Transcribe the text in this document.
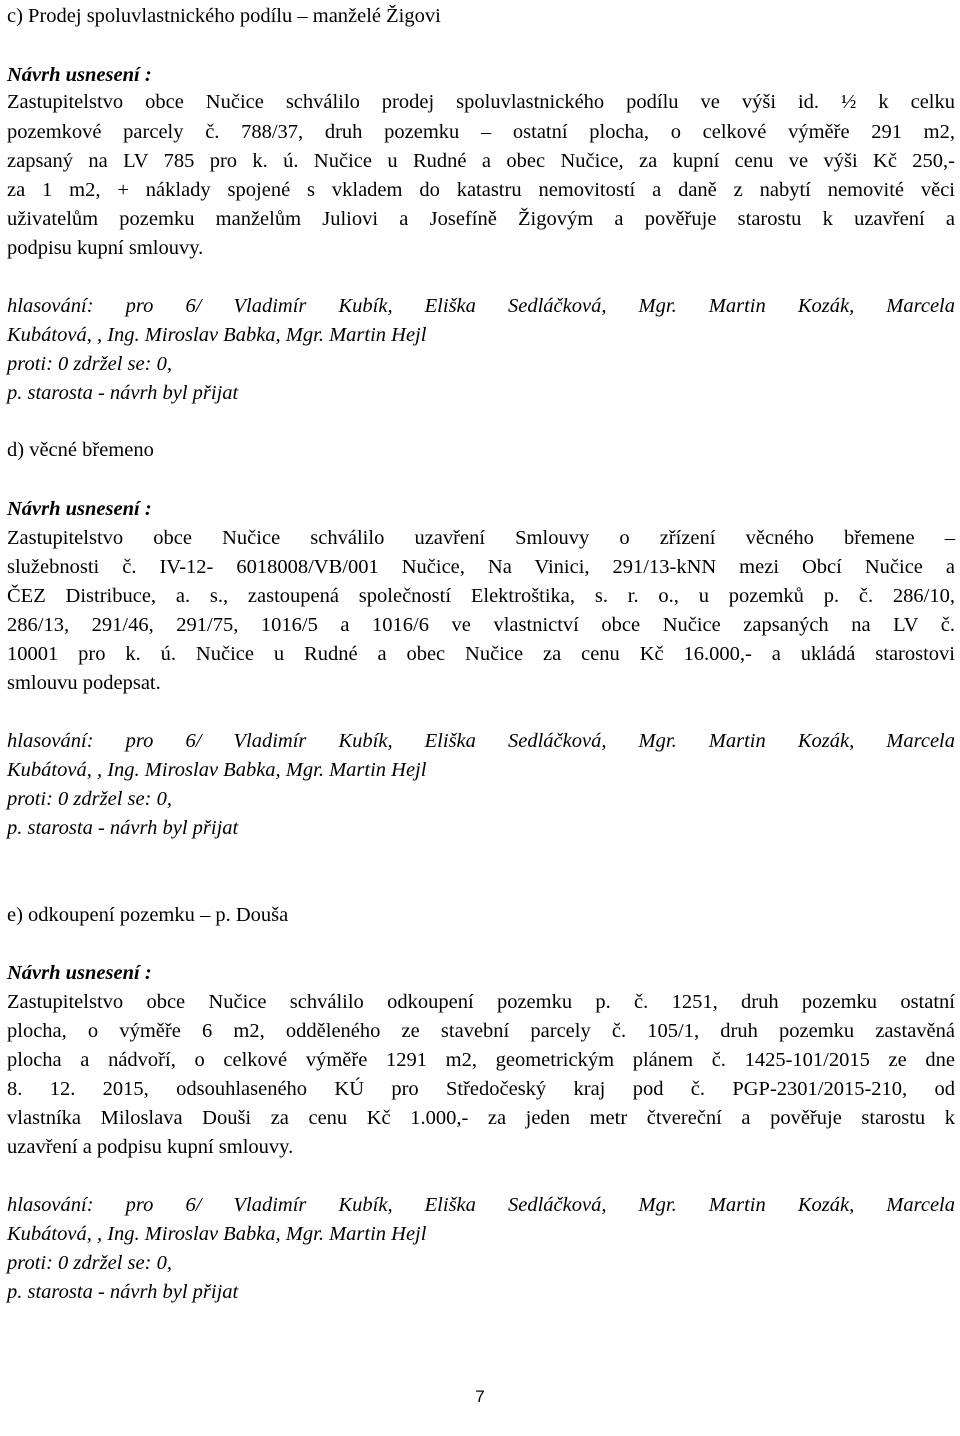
c) Prodej spoluvlastnického podílu – manželé Žigovi
Návrh usnesení :
Zastupitelstvo obce Nučice schválilo prodej spoluvlastnického podílu ve výši id. ½ k celku
pozemkové parcely č. 788/37, druh pozemku – ostatní plocha, o celkové výměře 291 m2,
zapsaný na LV 785 pro k. ú. Nučice u Rudné a obec Nučice, za kupní cenu ve výši Kč 250,-
za 1 m2, + náklady spojené s vkladem do katastru nemovitostí a daně z nabytí nemovité věci
uživatelům pozemku manželům Juliovi a Josefíně Žigovým a pověřuje starostu k uzavření a
podpisu kupní smlouvy.
hlasování: pro 6/ Vladimír Kubík, Eliška Sedláčková, Mgr. Martin Kozák, Marcela
Kubátová, , Ing. Miroslav Babka, Mgr. Martin Hejl
proti: 0 zdržel se: 0,
p. starosta - návrh byl přijat
d) věcné břemeno
Návrh usnesení :
Zastupitelstvo obce Nučice schválilo uzavření Smlouvy o zřízení věcného břemene –
služebnosti č. IV-12- 6018008/VB/001 Nučice, Na Vinici, 291/13-kNN mezi Obcí Nučice a
ČEZ Distribuce, a. s., zastoupená společností Elektroštika, s. r. o., u pozemků p. č. 286/10,
286/13, 291/46, 291/75, 1016/5 a 1016/6 ve vlastnictví obce Nučice zapsaných na LV č.
10001 pro k. ú. Nučice u Rudné a obec Nučice za cenu Kč 16.000,- a ukládá starostovi
smlouvu podepsat.
hlasování: pro 6/ Vladimír Kubík, Eliška Sedláčková, Mgr. Martin Kozák, Marcela
Kubátová, , Ing. Miroslav Babka, Mgr. Martin Hejl
proti: 0 zdržel se: 0,
p. starosta - návrh byl přijat
e) odkoupení pozemku – p. Douša
Návrh usnesení :
Zastupitelstvo obce Nučice schválilo odkoupení pozemku p. č. 1251, druh pozemku ostatní
plocha, o výměře 6 m2, odděleného ze stavební parcely č. 105/1, druh pozemku zastavěná
plocha a nádvoří, o celkové výměře 1291 m2, geometrickým plánem č. 1425-101/2015 ze dne
8. 12. 2015, odsouhlaseného KÚ pro Středočeský kraj pod č. PGP-2301/2015-210, od
vlastníka Miloslava Douši za cenu Kč 1.000,- za jeden metr čtvereční a pověřuje starostu k
uzavření a podpisu kupní smlouvy.
hlasování: pro 6/ Vladimír Kubík, Eliška Sedláčková, Mgr. Martin Kozák, Marcela
Kubátová, , Ing. Miroslav Babka, Mgr. Martin Hejl
proti: 0 zdržel se: 0,
p. starosta - návrh byl přijat
7
